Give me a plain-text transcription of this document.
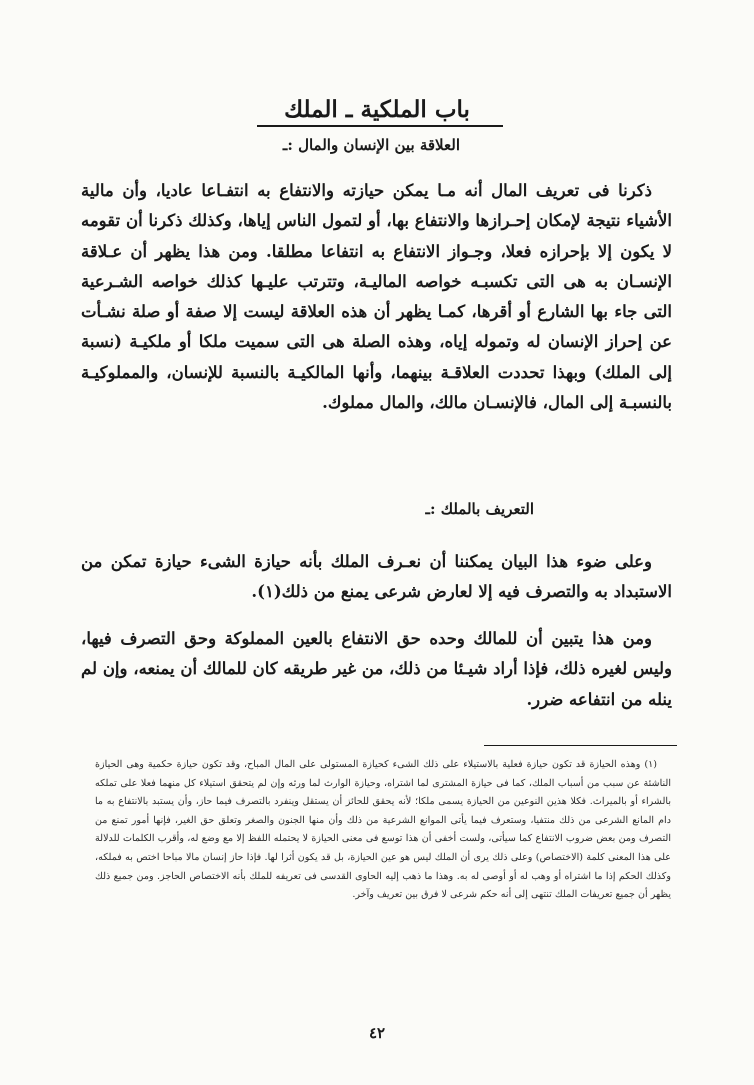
باب الملكية ـ الملك
العلاقة بين الإنسان والمال :ـ

ذكرنا فى تعريف المال أنه مـا يمكن حيازته والانتفاع به انتفـاعا عاديا، وأن مالية الأشياء نتيجة لإمكان إحـرازها والانتفاع بها، أو لتمول الناس إياها، وكذلك ذكرنا أن تقومه لا يكون إلا بإحرازه فعلا، وجـواز الانتفاع به انتفاعا مطلقا. ومن هذا يظهر أن عـلاقة الإنسـان به هى التى تكسبـه خواصه الماليـة، وتترتب عليـها كذلك خواصه الشـرعية التى جاء بها الشارع أو أقرها، كمـا يظهر أن هذه العلاقة ليست إلا صفة أو صلة نشـأت عن إحراز الإنسان له وتموله إياه، وهذه الصلة هى التى سميت ملكا أو ملكيـة (نسبة إلى الملك) وبهذا تحددت العلاقـة بينهما، وأنها المالكيـة بالنسبة للإنسان، والمملوكيـة بالنسبـة إلى المال، فالإنسـان مالك، والمال مملوك.

التعريف بالملك :ـ

وعلى ضوء هذا البيان يمكننا أن نعـرف الملك بأنه حيازة الشىء حيازة تمكن من الاستبداد به والتصرف فيه إلا لعارض شرعى يمنع من ذلك(١).

ومن هذا يتبين أن للمالك وحده حق الانتفاع بالعين المملوكة وحق التصرف فيها، وليس لغيره ذلك، فإذا أراد شيـئا من ذلك، من غير طريقه كان للمالك أن يمنعه، وإن لم ينله من انتفاعه ضرر.

(١) وهذه الحيازة قد تكون حيازة فعلية بالاستيلاء على ذلك الشىء كحيازة المستولى على المال المباح، وقد تكون حيازة حكمية وهى الحيازة الناشئة عن سبب من أسباب الملك، كما فى حيازة المشترى لما اشتراه، وحيازة الوارث لما ورثه وإن لم يتحقق استيلاء كل منهما فعلا على تملكه بالشراء أو بالميراث. فكلا هذين النوعين من الحيازة يسمى ملكا؛ لأنه يحقق للحائز أن يستقل وينفرد بالتصرف فيما حاز، وأن يستبد بالانتفاع به ما دام المانع الشرعى من ذلك منتفيا، وستعرف فيما يأتى الموانع الشرعية من ذلك وأن منها الجنون والصغر وتعلق حق الغير، فإنها أمور تمنع من التصرف ومن بعض ضروب الانتفاع كما سيأتى، ولست أخفى أن هذا توسع فى معنى الحيازة لا يحتمله اللفظ إلا مع وضع له، وأقرب الكلمات للدلالة على هذا المعنى كلمة (الاختصاص) وعلى ذلك يرى أن الملك ليس هو عين الحيازة، بل قد يكون أثرا لها. فإذا حاز إنسان مالا مباحا اختص به فملكه، وكذلك الحكم إذا ما اشتراه أو وهب له أو أوصى له به. وهذا ما ذهب إليه الحاوى القدسى فى تعريفه للملك بأنه الاختصاص الحاجز. ومن جميع ذلك يظهر أن جميع تعريفات الملك تنتهى إلى أنه حكم شرعى لا فرق بين تعريف وآخر.

٤٢
